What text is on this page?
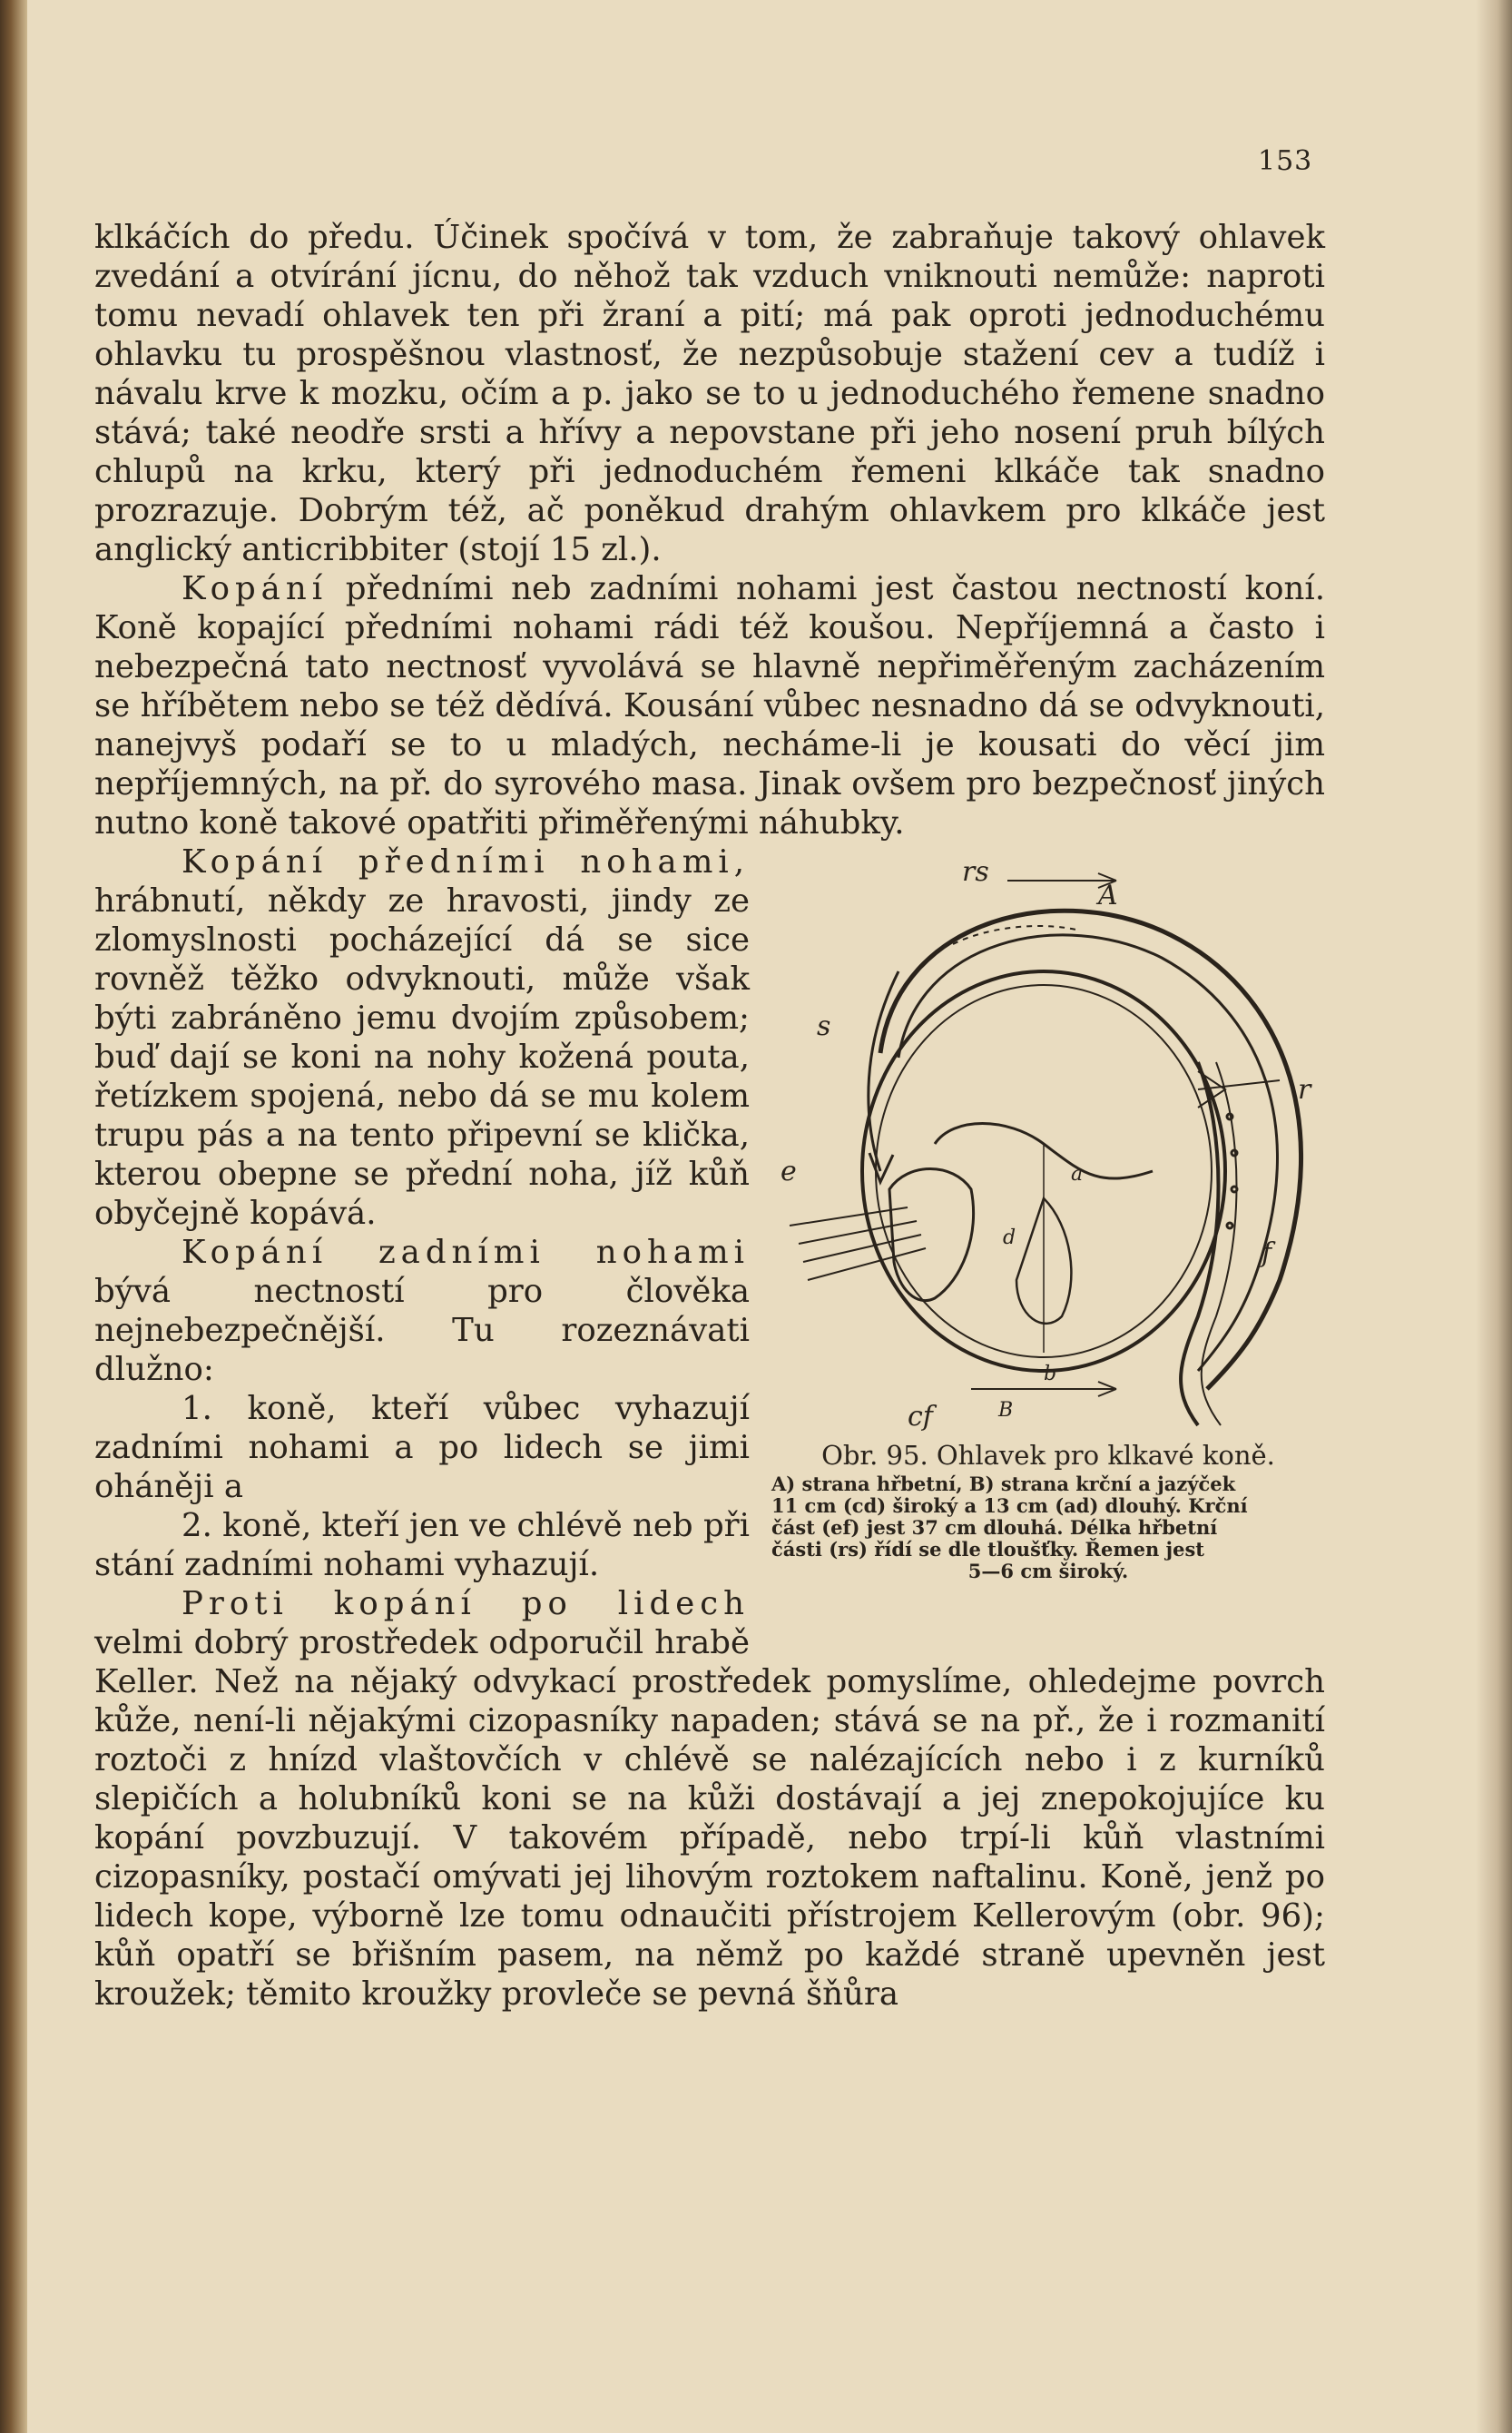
153

klkáčích do předu. Účinek spočívá v tom, že zabraňuje takový ohlavek zvedání a otvírání jícnu, do něhož tak vzduch vniknouti nemůže: naproti tomu nevadí ohlavek ten při žraní a pití; má pak oproti jednoduchému ohlavku tu prospěšnou vlastnosť, že nezpůsobuje stažení cev a tudíž i návalu krve k mozku, očím a p. jako se to u jednoduchého řemene snadno stává; také neodře srsti a hřívy a nepovstane při jeho nosení pruh bílých chlupů na krku, který při jednoduchém řemeni klkáče tak snadno prozrazuje. Dobrým též, ač poněkud drahým ohlavkem pro klkáče jest anglický anticribbiter (stojí 15 zl.).

Kopání předními neb zadními nohami jest častou nectností koní. Koně kopající předními nohami rádi též koušou. Nepříjemná a často i nebezpečná tato nectnosť vyvolává se hlavně nepřiměřeným zacházením se hříbětem nebo se též dědívá. Kousání vůbec nesnadno dá se odvyknouti, nanejvyš podaří se to u mladých, necháme-li je kousati do věcí jim nepříjemných, na př. do syrového masa. Jinak ovšem pro bezpečnosť jiných nutno koně takové opatřiti přiměřenými náhubky.

rs
A
s
r
e	a
d	f
b
cf	B
Obr. 95. Ohlavek pro klkavé koně.
A) strana hřbetní, B) strana krční a jazýček
11 cm (cd) široký a 13 cm (ad) dlouhý. Krční
část (ef) jest 37 cm dlouhá. Délka hřbetní
části (rs) řídí se dle tloušťky. Řemen jest
5—6 cm široký.

Kopání předními nohami, hrábnutí, někdy ze hravosti, jindy ze zlomyslnosti pocházející dá se sice rovněž těžko odvyknouti, může však býti zabráněno jemu dvojím způsobem; buď dají se koni na nohy kožená pouta, řetízkem spojená, nebo dá se mu kolem trupu pás a na tento připevní se klička, kterou obepne se přední noha, jíž kůň obyčejně kopává.

Kopání zadními nohami bývá nectností pro člověka nejnebezpečnější. Tu rozeznávati dlužno:

1. koně, kteří vůbec vyhazují zadními nohami a po lidech se jimi oháněji a

2. koně, kteří jen ve chlévě neb při stání zadními nohami vyhazují.

Proti kopání po lidech velmi dobrý prostředek odporučil hrabě Keller. Než na nějaký odvykací prostředek pomyslíme, ohledejme povrch kůže, není-li nějakými cizopasníky napaden; stává se na př., že i rozmanití roztoči z hnízd vlaštovčích v chlévě se nalézajících nebo i z kurníků slepičích a holubníků koni se na kůži dostávají a jej znepokojujíce ku kopání povzbuzují. V takovém případě, nebo trpí-li kůň vlastními cizopasníky, postačí omývati jej lihovým roztokem naftalinu. Koně, jenž po lidech kope, výborně lze tomu odnaučiti přístrojem Kellerovým (obr. 96); kůň opatří se břišním pasem, na němž po každé straně upevněn jest kroužek; těmito kroužky provleče se pevná šňůra
